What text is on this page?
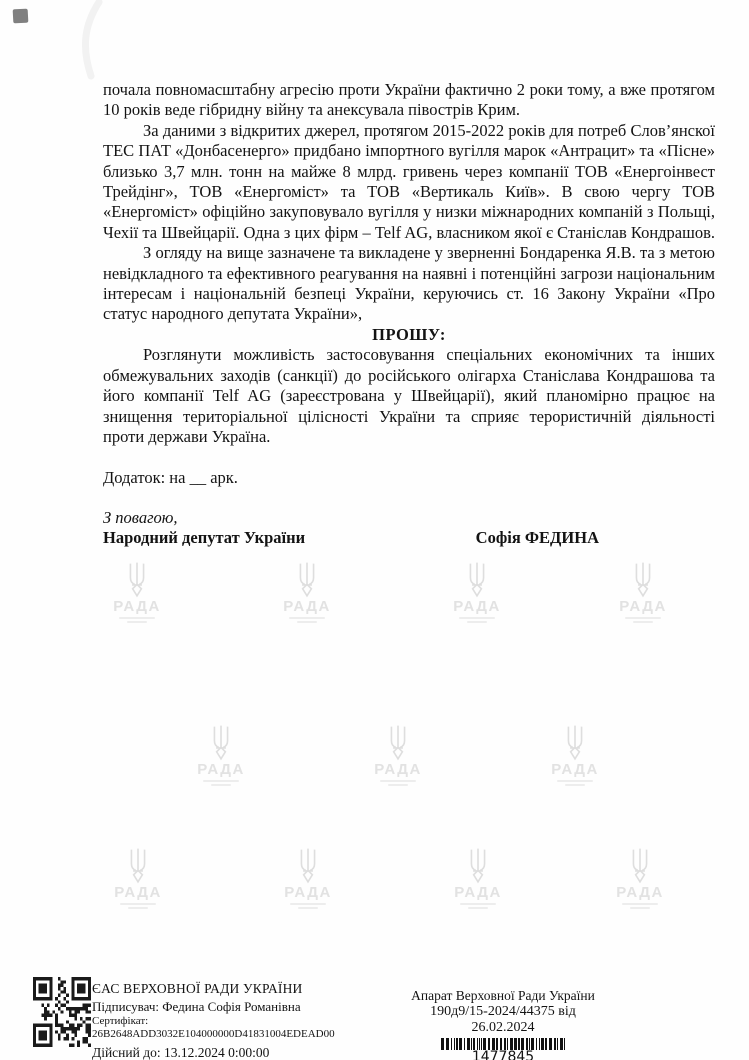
РАДА	РАДА	РАДА	РАДА
РАДА	РАДА	РАДА
РАДА	РАДА	РАДА	РАДА

почала повномасштабну агресію проти України фактично 2 роки тому, а вже протягом 10 років веде гібридну війну та анексувала півострів Крим.

За даними з відкритих джерел, протягом 2015-2022 років для потреб Слов’янскої ТЕС ПАТ «Донбасенерго» придбано імпортного вугілля марок «Антрацит» та «Пісне» близько 3,7 млн. тонн на майже 8 млрд. гривень через компанії ТОВ «Енергоінвест Трейдінг», ТОВ «Енергоміст» та ТОВ «Вертикаль Київ». В свою чергу ТОВ «Енергоміст» офіційно закуповувало вугілля у низки міжнародних компаній з Польщі, Чехії та Швейцарії. Одна з цих фірм – Telf AG, власником якої є Станіслав Кондрашов.

З огляду на вище зазначене та викладене у зверненні Бондаренка Я.В. та з метою невідкладного та ефективного реагування на наявні і потенційні загрози національним інтересам і національній безпеці України, керуючись ст. 16 Закону України «Про статус народного депутата України»,

ПРОШУ:

Розглянути можливість застосовування спеціальних економічних та інших обмежувальних заходів (санкції) до російського олігарха Станіслава Кондрашова та його компанії Telf AG (зареєстрована у Швейцарії), який планомірно працює на знищення територіальної цілісності України та сприяє терористичній діяльності проти держави Україна.

Додаток: на __ арк.

З повагою,

Народний депутат України	Софія ФЕДИНА
ЄАС ВЕРХОВНОЇ РАДИ УКРАЇНИ
Підписувач: Федина Софія Романівна
Сертифікат: 26B2648ADD3032E104000000D41831004EDEAD00
Дійсний до: 13.12.2024 0:00:00
Апарат Верховної Ради України
190д9/15-2024/44375 від 26.02.2024
1477845
